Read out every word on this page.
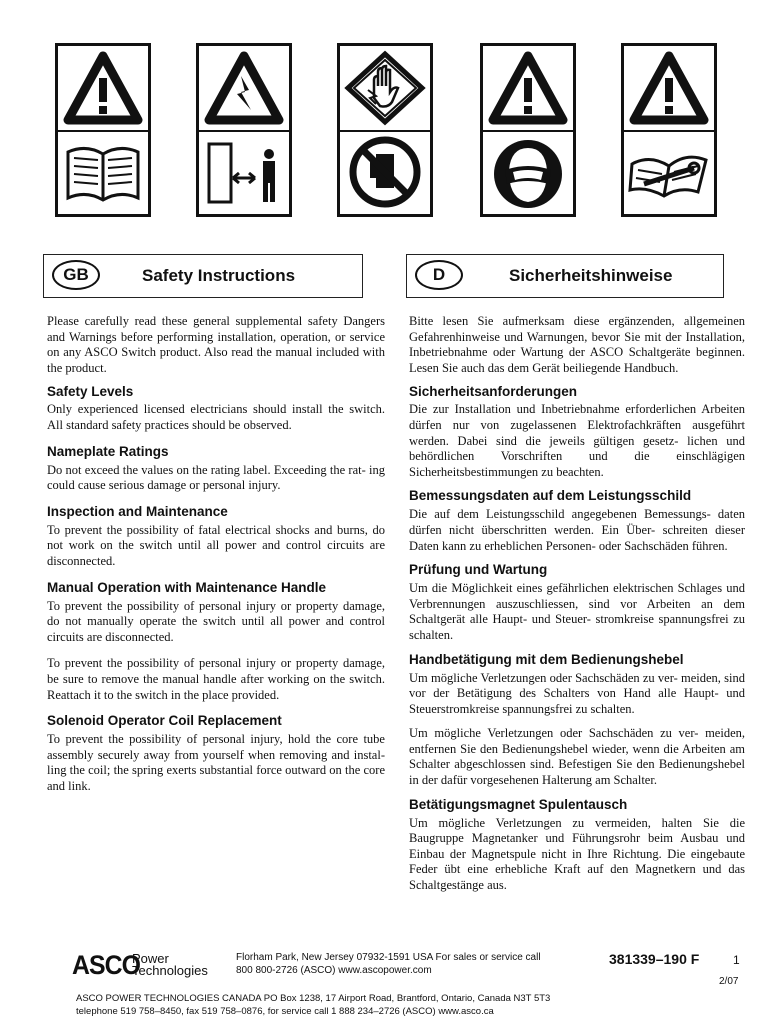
GB	Safety Instructions	D	Sicherheitshinweise

Please carefully read these general supplemental safety Dangers and Warnings before performing installation, operation, or service on any ASCO Switch product. Also read the manual included with the product.

Safety Levels

Only experienced licensed electricians should install the switch. All standard safety practices should be observed.

Nameplate Ratings

Do not exceed the values on the rating label. Exceeding the rat- ing could cause serious damage or personal injury.

Inspection and Maintenance

To prevent the possibility of fatal electrical shocks and burns, do not work on the switch until all power and control circuits are disconnected.

Manual Operation with Maintenance Handle

To prevent the possibility of personal injury or property damage, do not manually operate the switch until all power and control circuits are disconnected.

To prevent the possibility of personal injury or property damage, be sure to remove the manual handle after working on the switch. Reattach it to the switch in the place provided.

Solenoid Operator Coil Replacement

To prevent the possibility of personal injury, hold the core tube assembly securely away from yourself when removing and instal- ling the coil; the spring exerts substantial force outward on the core and link.

Bitte lesen Sie aufmerksam diese ergänzenden, allgemeinen Gefahrenhinweise und Warnungen, bevor Sie mit der Installation, Inbetriebnahme oder Wartung der ASCO Schaltgeräte beginnen. Lesen Sie auch das dem Gerät beiliegende Handbuch.

Sicherheitsanforderungen

Die zur Installation und Inbetriebnahme erforderlichen Arbeiten dürfen nur von zugelassenen Elektrofachkräften ausgeführt werden. Dabei sind die jeweils gültigen gesetz- lichen und behördlichen Vorschriften und die einschlägigen Sicherheitsbestimmungen zu beachten.

Bemessungsdaten auf dem Leistungsschild

Die auf dem Leistungsschild angegebenen Bemessungs- daten dürfen nicht überschritten werden. Ein Über- schreiten dieser Daten kann zu erheblichen Personen- oder Sachschäden führen.

Prüfung und Wartung

Um die Möglichkeit eines gefährlichen elektrischen Schlages und Verbrennungen auszuschliessen, sind vor Arbeiten an dem Schaltgerät alle Haupt- und Steuer- stromkreise spannungsfrei zu schalten.

Handbetätigung mit dem Bedienungshebel

Um mögliche Verletzungen oder Sachschäden zu ver- meiden, sind vor der Betätigung des Schalters von Hand alle Haupt- und Steuerstromkreise spannungsfrei zu schalten.

Um mögliche Verletzungen oder Sachschäden zu ver- meiden, entfernen Sie den Bedienungshebel wieder, wenn die Arbeiten am Schalter abgeschlossen sind. Befestigen Sie den Bedienungshebel in der dafür vorgesehenen Halterung am Schalter.

Betätigungsmagnet Spulentausch

Um mögliche Verletzungen zu vermeiden, halten Sie die Baugruppe Magnetanker und Führungsrohr beim Ausbau und Einbau der Magnetspule nicht in Ihre Richtung. Die eingebaute Feder übt eine erhebliche Kraft auf den Magnetkern und das Schaltgestänge aus.

ASCO
Power
Technologies
Florham Park, New Jersey 07932-1591 USA For sales or service call
800 800-2726 (ASCO) www.ascopower.com
381339–190 F	1
2/07
ASCO POWER TECHNOLOGIES CANADA PO Box 1238, 17 Airport Road, Brantford, Ontario, Canada N3T 5T3
telephone 519 758–8450, fax 519 758–0876, for service call 1 888 234–2726 (ASCO) www.asco.ca
